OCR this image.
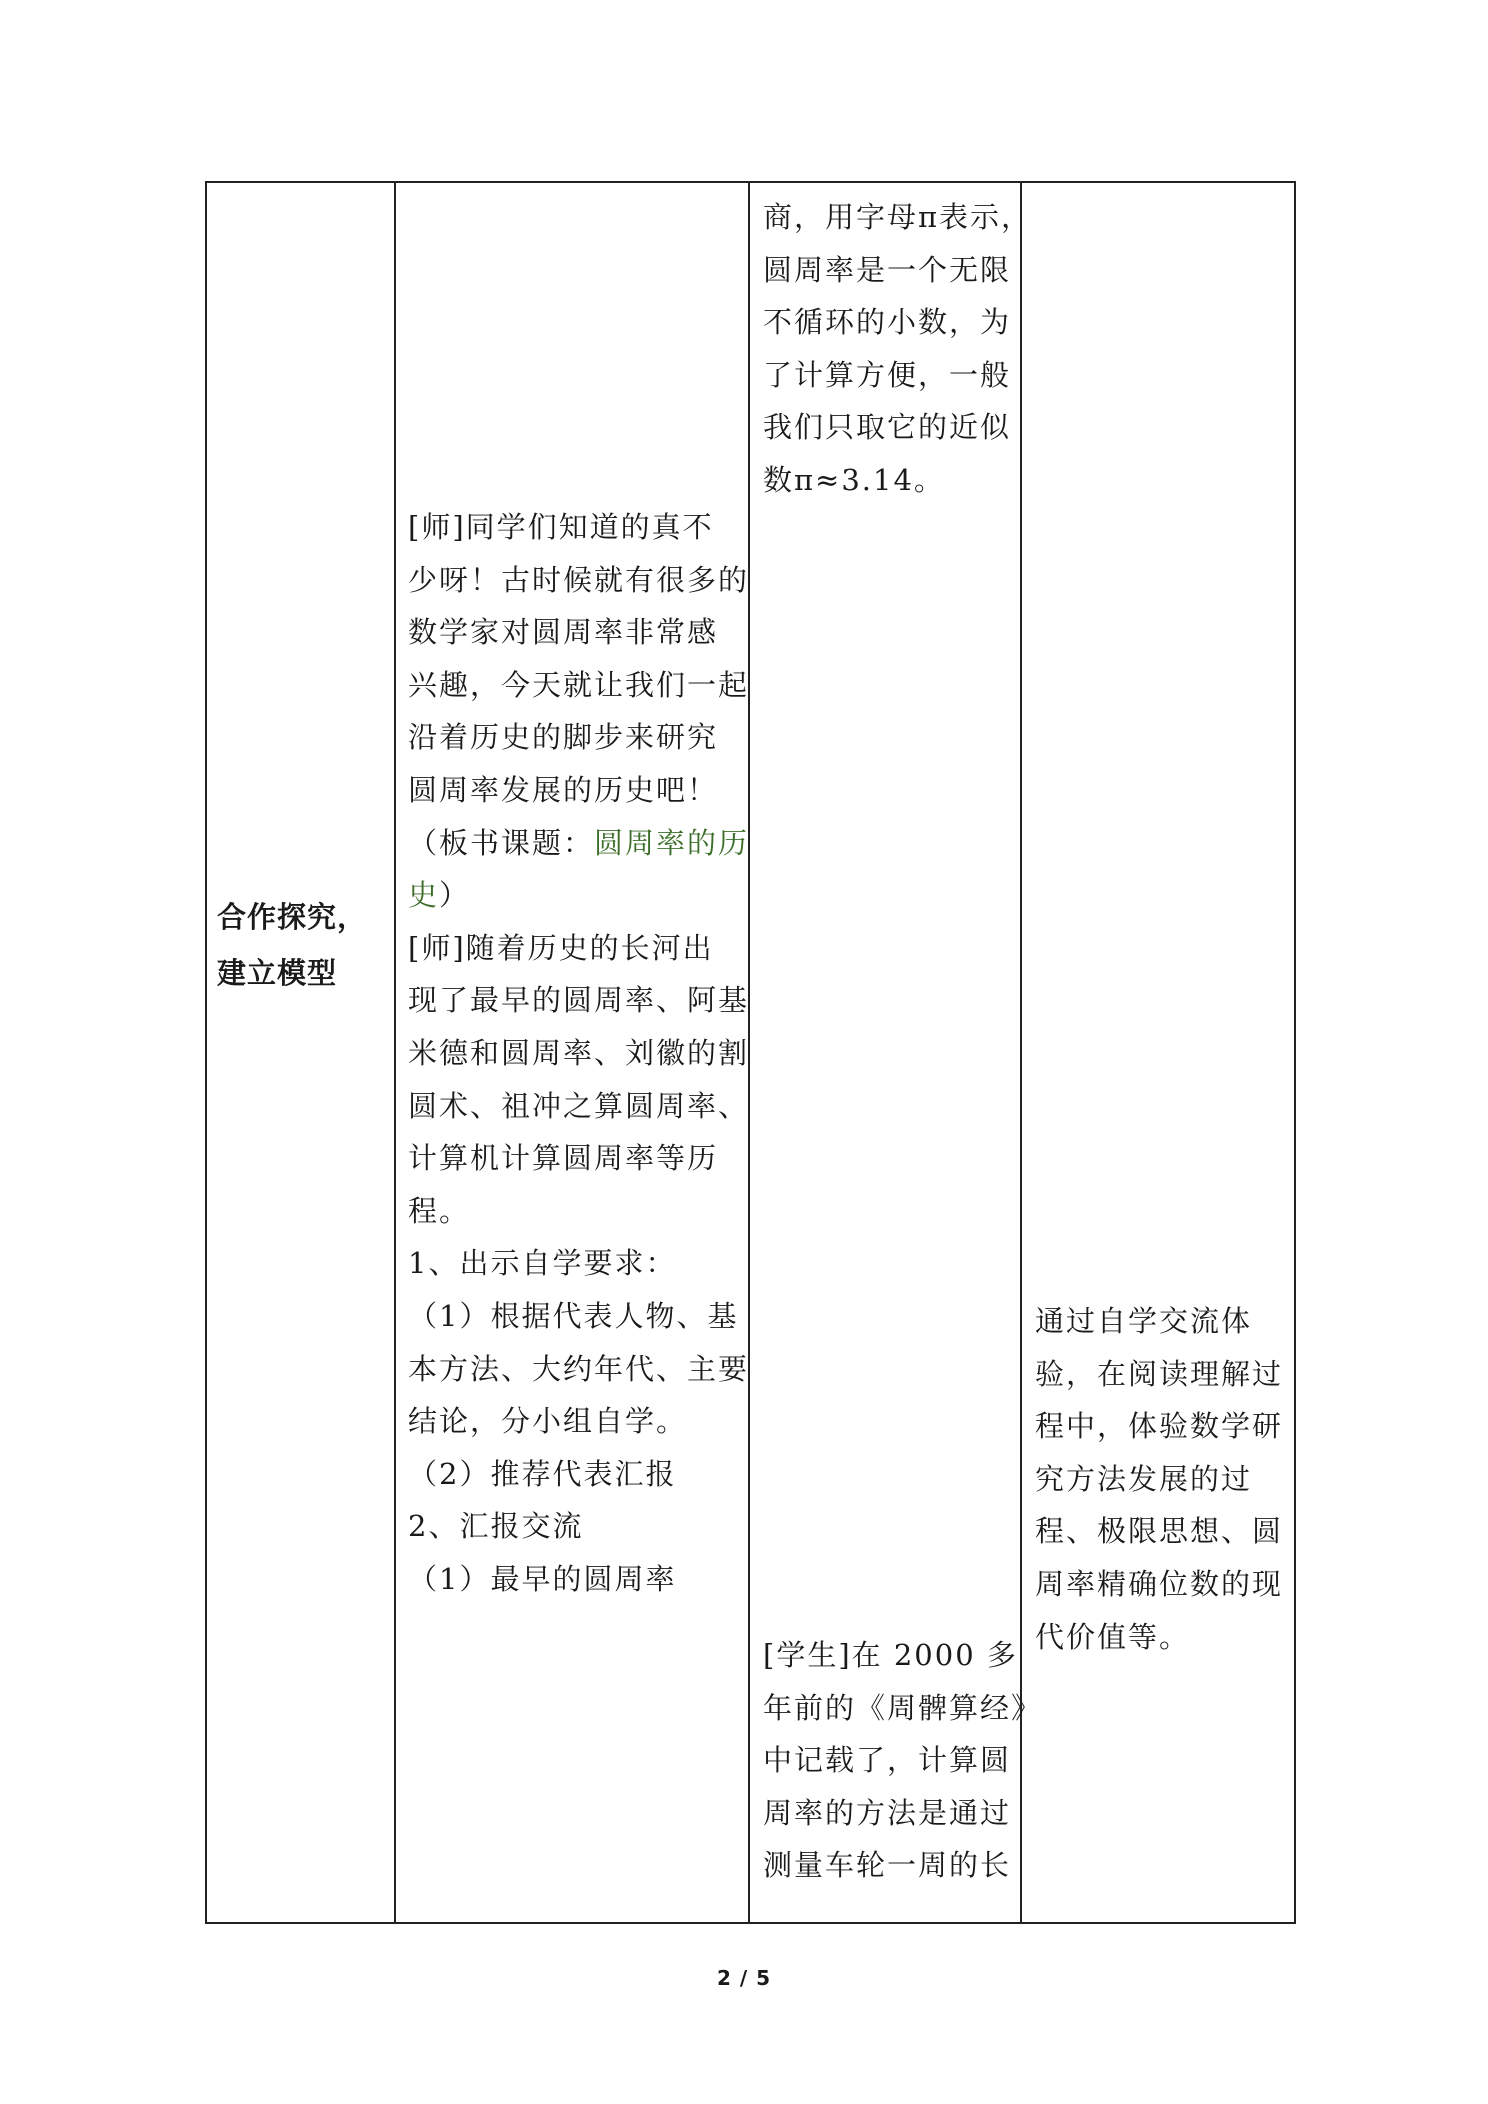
合作探究，
建立模型
商，用字母π表示，
圆周率是一个无限
不循环的小数，为
了计算方便，一般
我们只取它的近似
数π≈3.14。
[师]同学们知道的真不
少呀！古时候就有很多的
数学家对圆周率非常感
兴趣，今天就让我们一起
沿着历史的脚步来研究
圆周率发展的历史吧！
（板书课题：圆周率的历
史）
[师]随着历史的长河出
现了最早的圆周率、阿基
米德和圆周率、刘徽的割
圆术、祖冲之算圆周率、
计算机计算圆周率等历
程。
1、出示自学要求：
（1）根据代表人物、基
本方法、大约年代、主要
结论，分小组自学。
（2）推荐代表汇报
2、汇报交流
（1）最早的圆周率
通过自学交流体
验，在阅读理解过
程中，体验数学研
究方法发展的过
程、极限思想、圆
周率精确位数的现
代价值等。
[学生]在 2000 多
年前的《周髀算经》
中记载了，计算圆
周率的方法是通过
测量车轮一周的长
2 / 5
